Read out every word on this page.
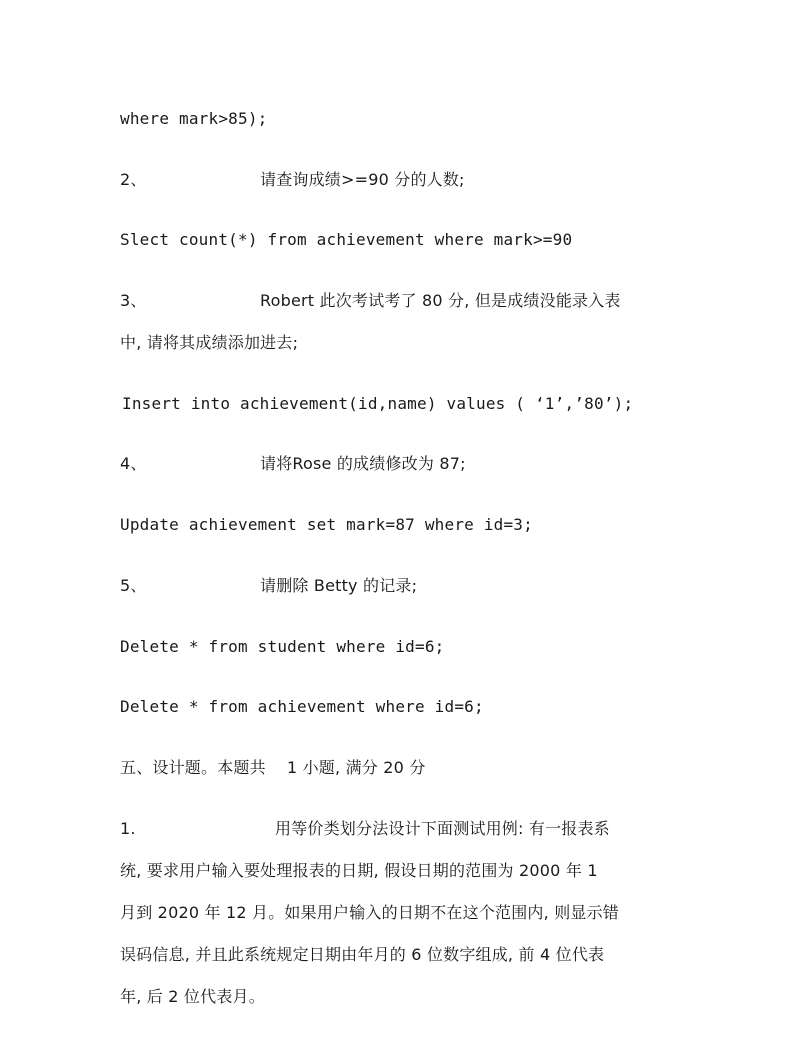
where mark>85);
2、	请查询成绩>=90 分的人数;
Slect count(*) from achievement where mark>=90
3、	Robert 此次考试考了 80 分, 但是成绩没能录入表
中, 请将其成绩添加进去;
Insert into achievement(id,name) values ( ‘1’,’80’);
4、	请将Rose 的成绩修改为 87;
Update achievement set mark=87 where id=3;
5、	请删除 Betty 的记录;
Delete * from student where id=6;
Delete * from achievement where id=6;
五、设计题。本题共    1 小题, 满分 20 分
1.	用等价类划分法设计下面测试用例: 有一报表系
统, 要求用户输入要处理报表的日期, 假设日期的范围为 2000 年 1
月到 2020 年 12 月。如果用户输入的日期不在这个范围内, 则显示错
误码信息, 并且此系统规定日期由年月的 6 位数字组成, 前 4 位代表
年, 后 2 位代表月。
